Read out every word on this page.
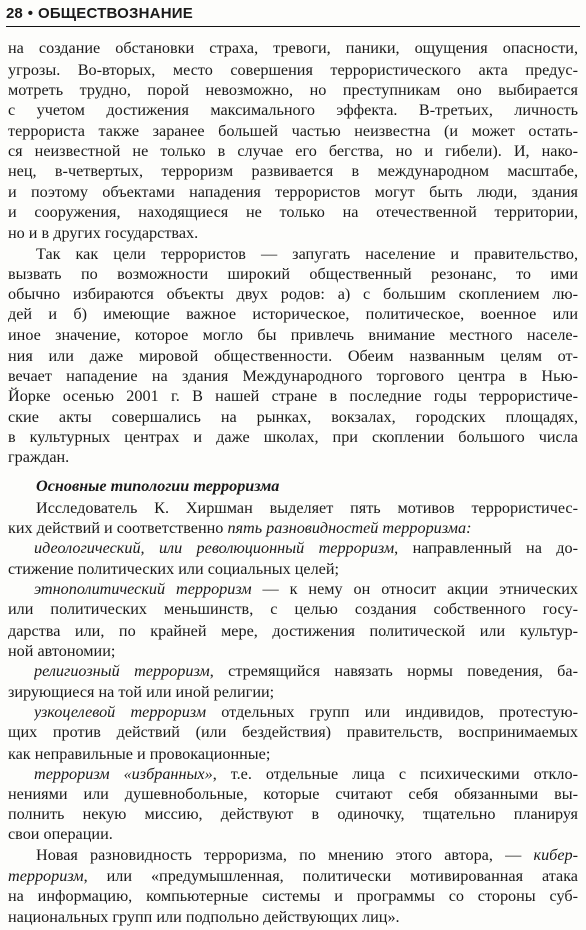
28 • ОБЩЕСТВОЗНАНИЕ
на создание обстановки страха, тревоги, паники, ощущения опасности,
угрозы. Во-вторых, место совершения террористического акта предус-
мотреть трудно, порой невозможно, но преступникам оно выбирается
с учетом достижения максимального эффекта. В-третьих, личность
террориста также заранее большей частью неизвестна (и может остать-
ся неизвестной не только в случае его бегства, но и гибели). И, нако-
нец, в-четвертых, терроризм развивается в международном масштабе,
и поэтому объектами нападения террористов могут быть люди, здания
и сооружения, находящиеся не только на отечественной территории,
но и в других государствах.
Так как цели террористов — запугать население и правительство,
вызвать по возможности широкий общественный резонанс, то ими
обычно избираются объекты двух родов: а) с большим скоплением лю-
дей и б) имеющие важное историческое, политическое, военное или
иное значение, которое могло бы привлечь внимание местного населе-
ния или даже мировой общественности. Обеим названным целям от-
вечает нападение на здания Международного торгового центра в Нью-
Йорке осенью 2001 г. В нашей стране в последние годы террористиче-
ские акты совершались на рынках, вокзалах, городских площадях,
в культурных центрах и даже школах, при скоплении большого числа
граждан.
Основные типологии терроризма
Исследователь К. Хиршман выделяет пять мотивов террористичес-
ких действий и соответственно пять разновидностей терроризма:
идеологический, или революционный терроризм, направленный на до-
стижение политических или социальных целей;
этнополитический терроризм — к нему он относит акции этнических
или политических меньшинств, с целью создания собственного госу-
дарства или, по крайней мере, достижения политической или культур-
ной автономии;
религиозный терроризм, стремящийся навязать нормы поведения, ба-
зирующиеся на той или иной религии;
узкоцелевой терроризм отдельных групп или индивидов, протестую-
щих против действий (или бездействия) правительств, воспринимаемых
как неправильные и провокационные;
терроризм «избранных», т.е. отдельные лица с психическими откло-
нениями или душевнобольные, которые считают себя обязанными вы-
полнить некую миссию, действуют в одиночку, тщательно планируя
свои операции.
Новая разновидность терроризма, по мнению этого автора, — кибер-
терроризм, или «предумышленная, политически мотивированная атака
на информацию, компьютерные системы и программы со стороны суб-
национальных групп или подпольно действующих лиц».
